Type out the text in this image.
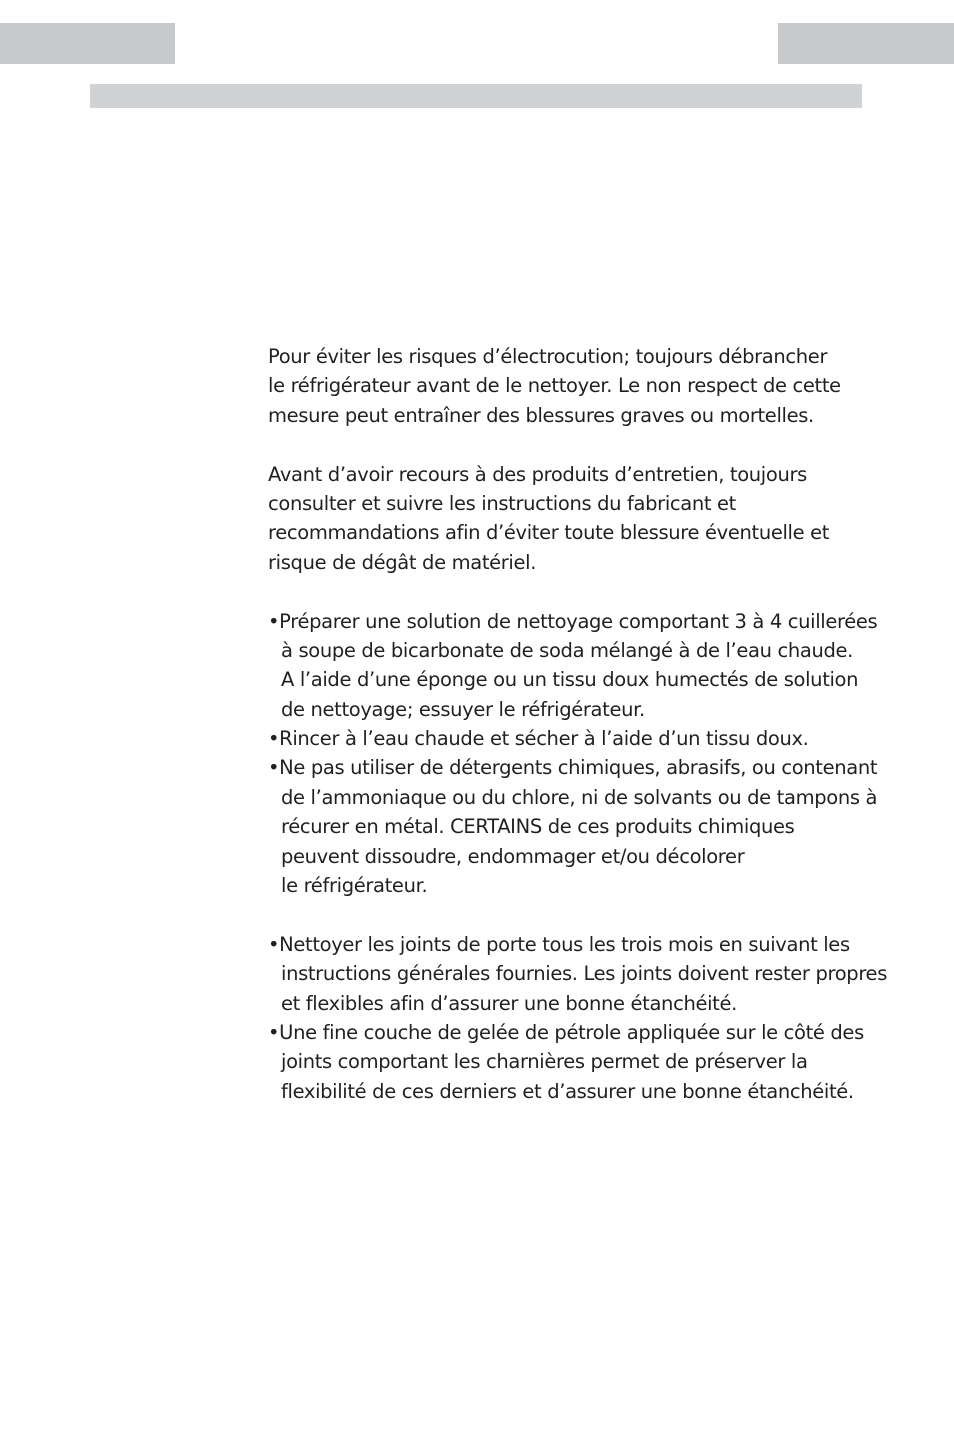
Pour éviter les risques d’électrocution; toujours débrancher
le réfrigérateur avant de le nettoyer. Le non respect de cette
mesure peut entraîner des blessures graves ou mortelles.
Avant d’avoir recours à des produits d’entretien, toujours
consulter et suivre les instructions du fabricant et
recommandations afin d’éviter toute blessure éventuelle et
risque de dégât de matériel.
•Préparer une solution de nettoyage comportant 3 à 4 cuillerées
à soupe de bicarbonate de soda mélangé à de l’eau chaude.
A l’aide d’une éponge ou un tissu doux humectés de solution
de nettoyage; essuyer le réfrigérateur.
•Rincer à l’eau chaude et sécher à l’aide d’un tissu doux.
•Ne pas utiliser de détergents chimiques, abrasifs, ou contenant
de l’ammoniaque ou du chlore, ni de solvants ou de tampons à
récurer en métal. CERTAINS de ces produits chimiques
peuvent dissoudre, endommager et/ou décolorer
le réfrigérateur.
•Nettoyer les joints de porte tous les trois mois en suivant les
instructions générales fournies. Les joints doivent rester propres
et flexibles afin d’assurer une bonne étanchéité.
•Une fine couche de gelée de pétrole appliquée sur le côté des
joints comportant les charnières permet de préserver la
flexibilité de ces derniers et d’assurer une bonne étanchéité.
